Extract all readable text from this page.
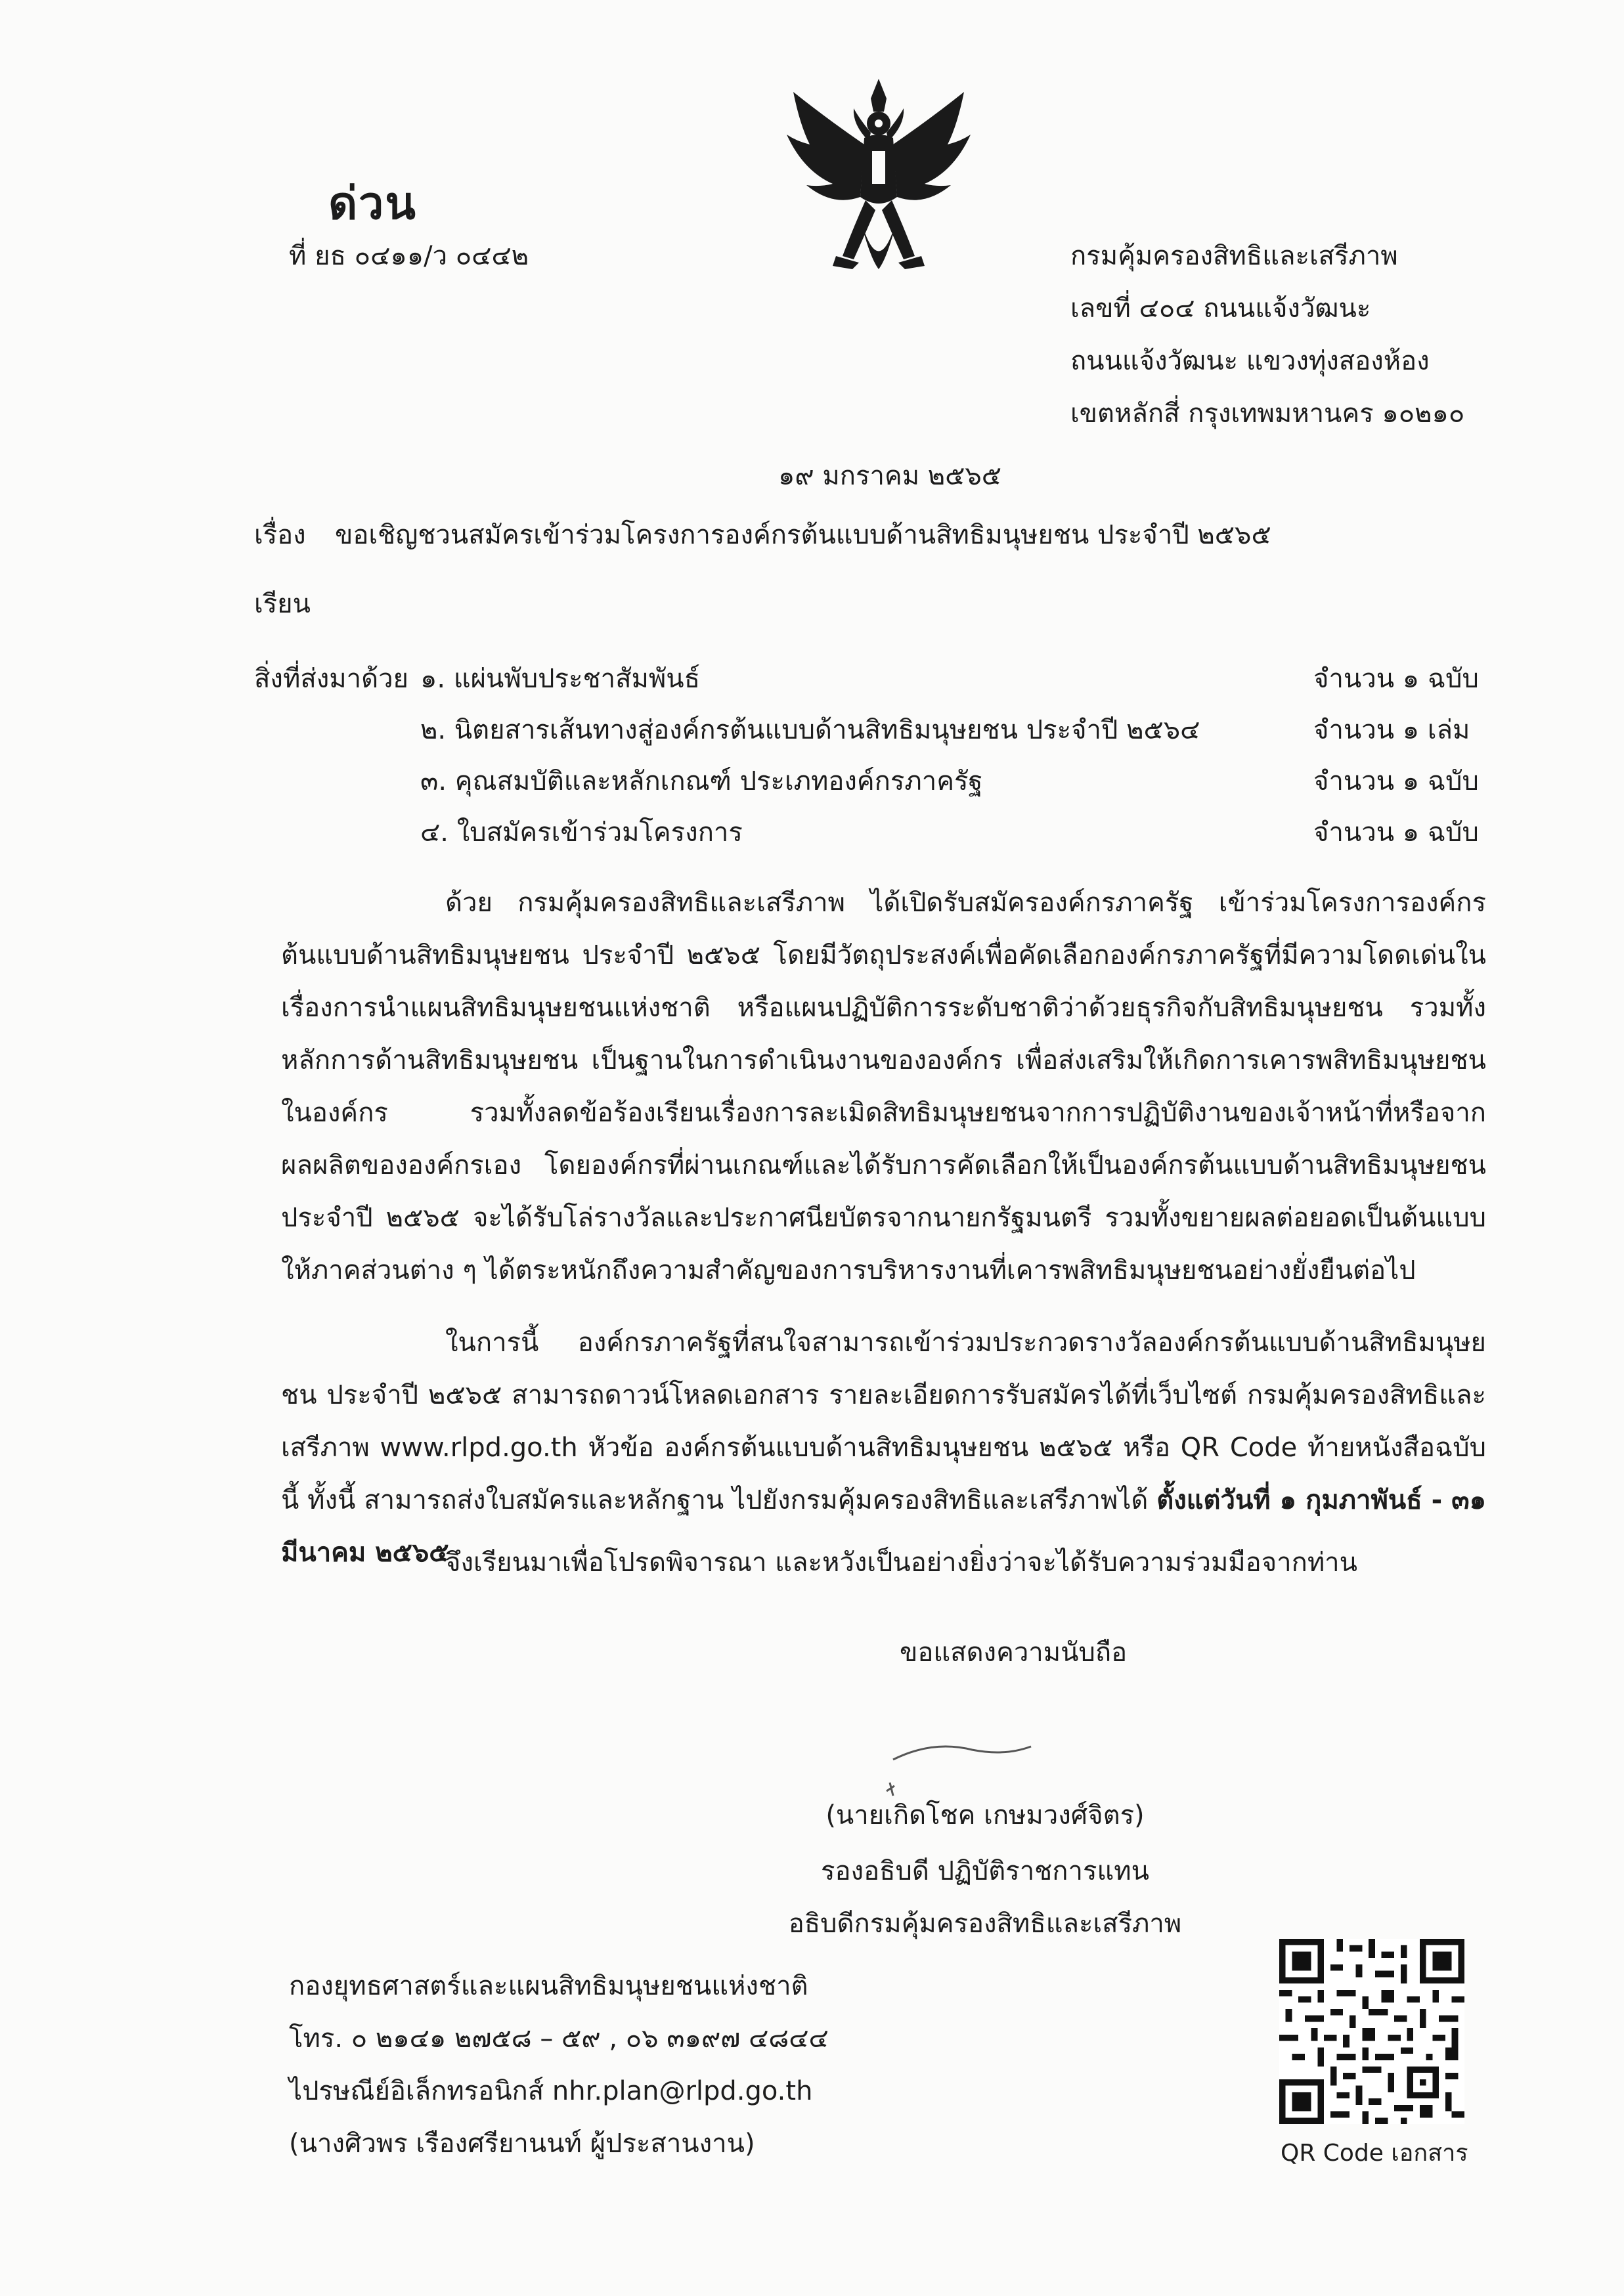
ด่วน
ที่ ยธ ๐๔๑๑/ว ๐๔๔๒	กรมคุ้มครองสิทธิและเสรีภาพ
เลขที่ ๔๐๔ ถนนแจ้งวัฒนะ
ถนนแจ้งวัฒนะ แขวงทุ่งสองห้อง
เขตหลักสี่ กรุงเทพมหานคร ๑๐๒๑๐
๑๙ มกราคม ๒๕๖๕
เรื่อง ขอเชิญชวนสมัครเข้าร่วมโครงการองค์กรต้นแบบด้านสิทธิมนุษยชน ประจำปี ๒๕๖๕
เรียน
สิ่งที่ส่งมาด้วย ๑. แผ่นพับประชาสัมพันธ์	จำนวน ๑ ฉบับ
๒. นิตยสารเส้นทางสู่องค์กรต้นแบบด้านสิทธิมนุษยชน ประจำปี ๒๕๖๔	จำนวน ๑ เล่ม
๓. คุณสมบัติและหลักเกณฑ์ ประเภทองค์กรภาครัฐ	จำนวน ๑ ฉบับ
๔. ใบสมัครเข้าร่วมโครงการ	จำนวน ๑ ฉบับ
ด้วย กรมคุ้มครองสิทธิและเสรีภาพ ได้เปิดรับสมัครองค์กรภาครัฐ เข้าร่วมโครงการองค์กรต้นแบบด้านสิทธิมนุษยชน ประจำปี ๒๕๖๕ โดยมีวัตถุประสงค์เพื่อคัดเลือกองค์กรภาครัฐที่มีความโดดเด่นในเรื่องการนำแผนสิทธิมนุษยชนแห่งชาติ หรือแผนปฏิบัติการระดับชาติว่าด้วยธุรกิจกับสิทธิมนุษยชน รวมทั้งหลักการด้านสิทธิมนุษยชน เป็นฐานในการดำเนินงานขององค์กร เพื่อส่งเสริมให้เกิดการเคารพสิทธิมนุษยชนในองค์กร รวมทั้งลดข้อร้องเรียนเรื่องการละเมิดสิทธิมนุษยชนจากการปฏิบัติงานของเจ้าหน้าที่หรือจากผลผลิตขององค์กรเอง โดยองค์กรที่ผ่านเกณฑ์และได้รับการคัดเลือกให้เป็นองค์กรต้นแบบด้านสิทธิมนุษยชน ประจำปี ๒๕๖๕ จะได้รับโล่รางวัลและประกาศนียบัตรจากนายกรัฐมนตรี รวมทั้งขยายผลต่อยอดเป็นต้นแบบให้ภาคส่วนต่าง ๆ ได้ตระหนักถึงความสำคัญของการบริหารงานที่เคารพสิทธิมนุษยชนอย่างยั่งยืนต่อไป
ในการนี้ องค์กรภาครัฐที่สนใจสามารถเข้าร่วมประกวดรางวัลองค์กรต้นแบบด้านสิทธิมนุษยชน ประจำปี ๒๕๖๕ สามารถดาวน์โหลดเอกสาร รายละเอียดการรับสมัครได้ที่เว็บไซต์ กรมคุ้มครองสิทธิและเสรีภาพ www.rlpd.go.th หัวข้อ องค์กรต้นแบบด้านสิทธิมนุษยชน ๒๕๖๕ หรือ QR Code ท้ายหนังสือฉบับนี้ ทั้งนี้ สามารถส่งใบสมัครและหลักฐาน ไปยังกรมคุ้มครองสิทธิและเสรีภาพได้ ตั้งแต่วันที่ ๑ กุมภาพันธ์ - ๓๑ มีนาคม ๒๕๖๕
จึงเรียนมาเพื่อโปรดพิจารณา และหวังเป็นอย่างยิ่งว่าจะได้รับความร่วมมือจากท่าน
ขอแสดงความนับถือ
(นายเกิดโชค เกษมวงศ์จิตร)
รองอธิบดี ปฏิบัติราชการแทน
อธิบดีกรมคุ้มครองสิทธิและเสรีภาพ
กองยุทธศาสตร์และแผนสิทธิมนุษยชนแห่งชาติ
โทร. ๐ ๒๑๔๑ ๒๗๕๘ – ๕๙ , ๐๖ ๓๑๙๗ ๔๘๔๔
ไปรษณีย์อิเล็กทรอนิกส์ nhr.plan@rlpd.go.th
(นางศิวพร เรืองศรียานนท์ ผู้ประสานงาน)	QR Code เอกสาร
